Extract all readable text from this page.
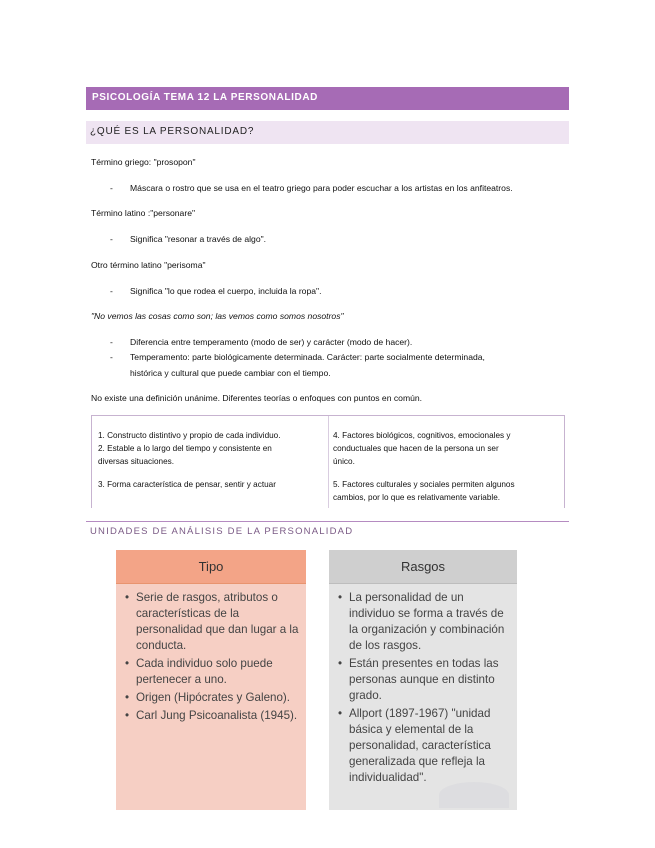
PSICOLOGÍA TEMA 12 LA PERSONALIDAD
¿QUÉ ES LA PERSONALIDAD?
Término griego: "prosopon"
- Máscara o rostro que se usa en el teatro griego para poder escuchar a los artistas en los anfiteatros.
Término latino :"personare"
- Significa "resonar a través de algo".
Otro término latino "perisoma"
- Significa "lo que rodea el cuerpo, incluida la ropa".
"No vemos las cosas como son; las vemos como somos nosotros"
- Diferencia entre temperamento (modo de ser) y carácter (modo de hacer).
- Temperamento: parte biológicamente determinada. Carácter: parte socialmente determinada,
histórica y cultural que puede cambiar con el tiempo.
No existe una definición unánime. Diferentes teorías o enfoques con puntos en común.
1. Constructo distintivo y propio de cada individuo.
2. Estable a lo largo del tiempo y consistente en
diversas situaciones.
3. Forma característica de pensar, sentir y actuar
4. Factores biológicos, cognitivos, emocionales y
conductuales que hacen de la persona un ser
único.
5. Factores culturales y sociales permiten algunos
cambios, por lo que es relativamente variable.
UNIDADES DE ANÁLISIS DE LA PERSONALIDAD
Tipo
• Serie de rasgos, atributos o características de la personalidad que dan lugar a la conducta.
• Cada individuo solo puede pertenecer a uno.
• Origen (Hipócrates y Galeno).
• Carl Jung Psicoanalista (1945).
Rasgos
• La personalidad de un individuo se forma a través de la organización y combinación de los rasgos.
• Están presentes en todas las personas aunque en distinto grado.
• Allport (1897-1967) "unidad básica y elemental de la personalidad, característica generalizada que refleja la individualidad".
